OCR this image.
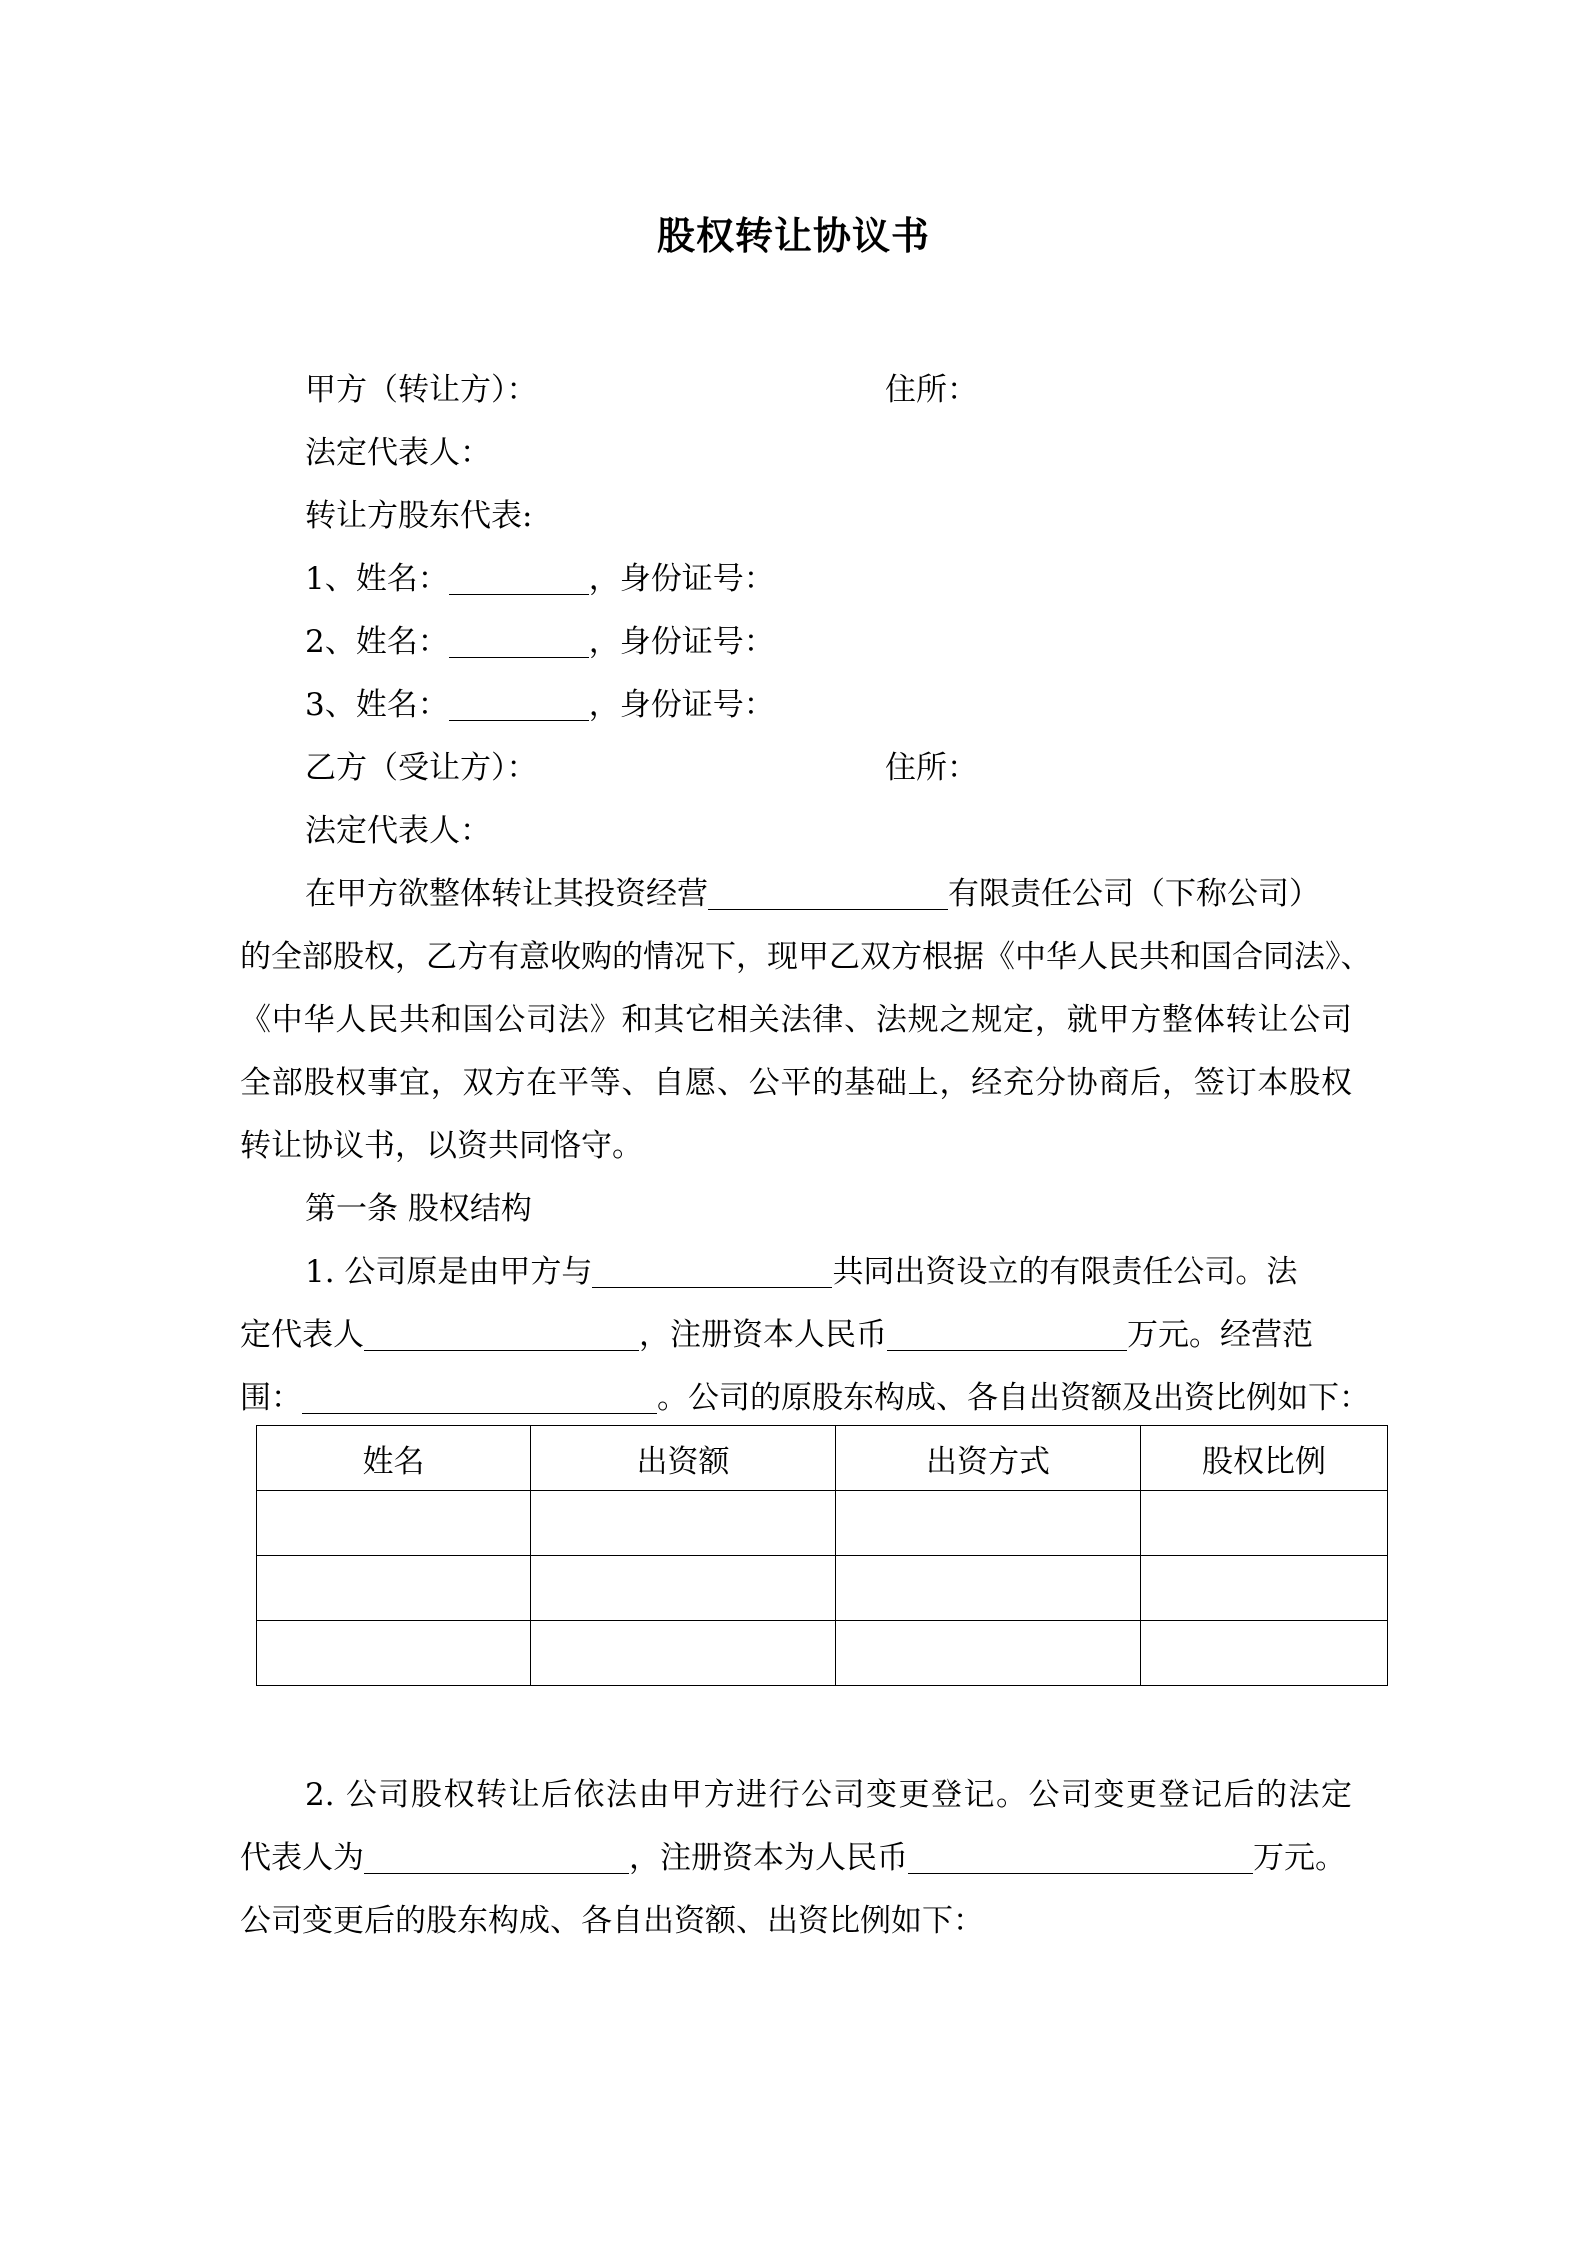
股权转让协议书
甲方（转让方）：	住所：
法定代表人：
转让方股东代表:
1、姓名：	，身份证号：
2、姓名：	，身份证号：
3、姓名：	，身份证号：
乙方（受让方）：	住所：
法定代表人：
在甲方欲整体转让其投资经营	有限责任公司（下称公司）
的全部股权，乙方有意收购的情况下，现甲乙双方根据《中华人民共和国合同法》、
《中华人民共和国公司法》和其它相关法律、法规之规定，就甲方整体转让公司
全部股权事宜，双方在平等、自愿、公平的基础上，经充分协商后，签订本股权
转让协议书，以资共同恪守。
第一条 股权结构
1. 公司原是由甲方与	共同出资设立的有限责任公司。法
定代表人	，注册资本人民币	万元。经营范
围：	。公司的原股东构成、各自出资额及出资比例如下：
姓名	出资额	出资方式	股权比例

2. 公司股权转让后依法由甲方进行公司变更登记。公司变更登记后的法定
代表人为	，注册资本为人民币	万元。
公司变更后的股东构成、各自出资额、出资比例如下：
